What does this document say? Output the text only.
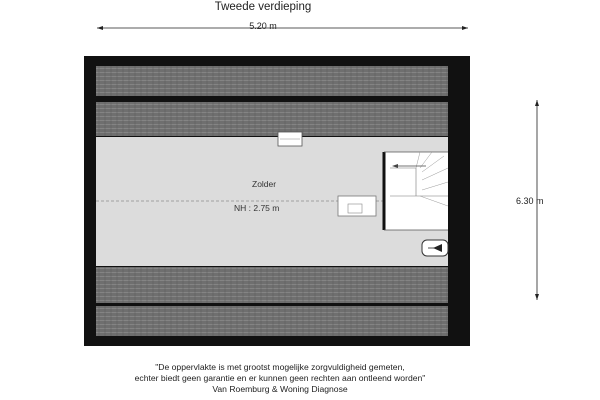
Tweede verdieping
5.20 m
6.30 m
Zolder
NH : 2.75 m
"De oppervlakte is met grootst mogelijke zorgvuldigheid gemeten,
echter biedt geen garantie en er kunnen geen rechten aan ontleend worden"
Van Roemburg & Woning Diagnose
